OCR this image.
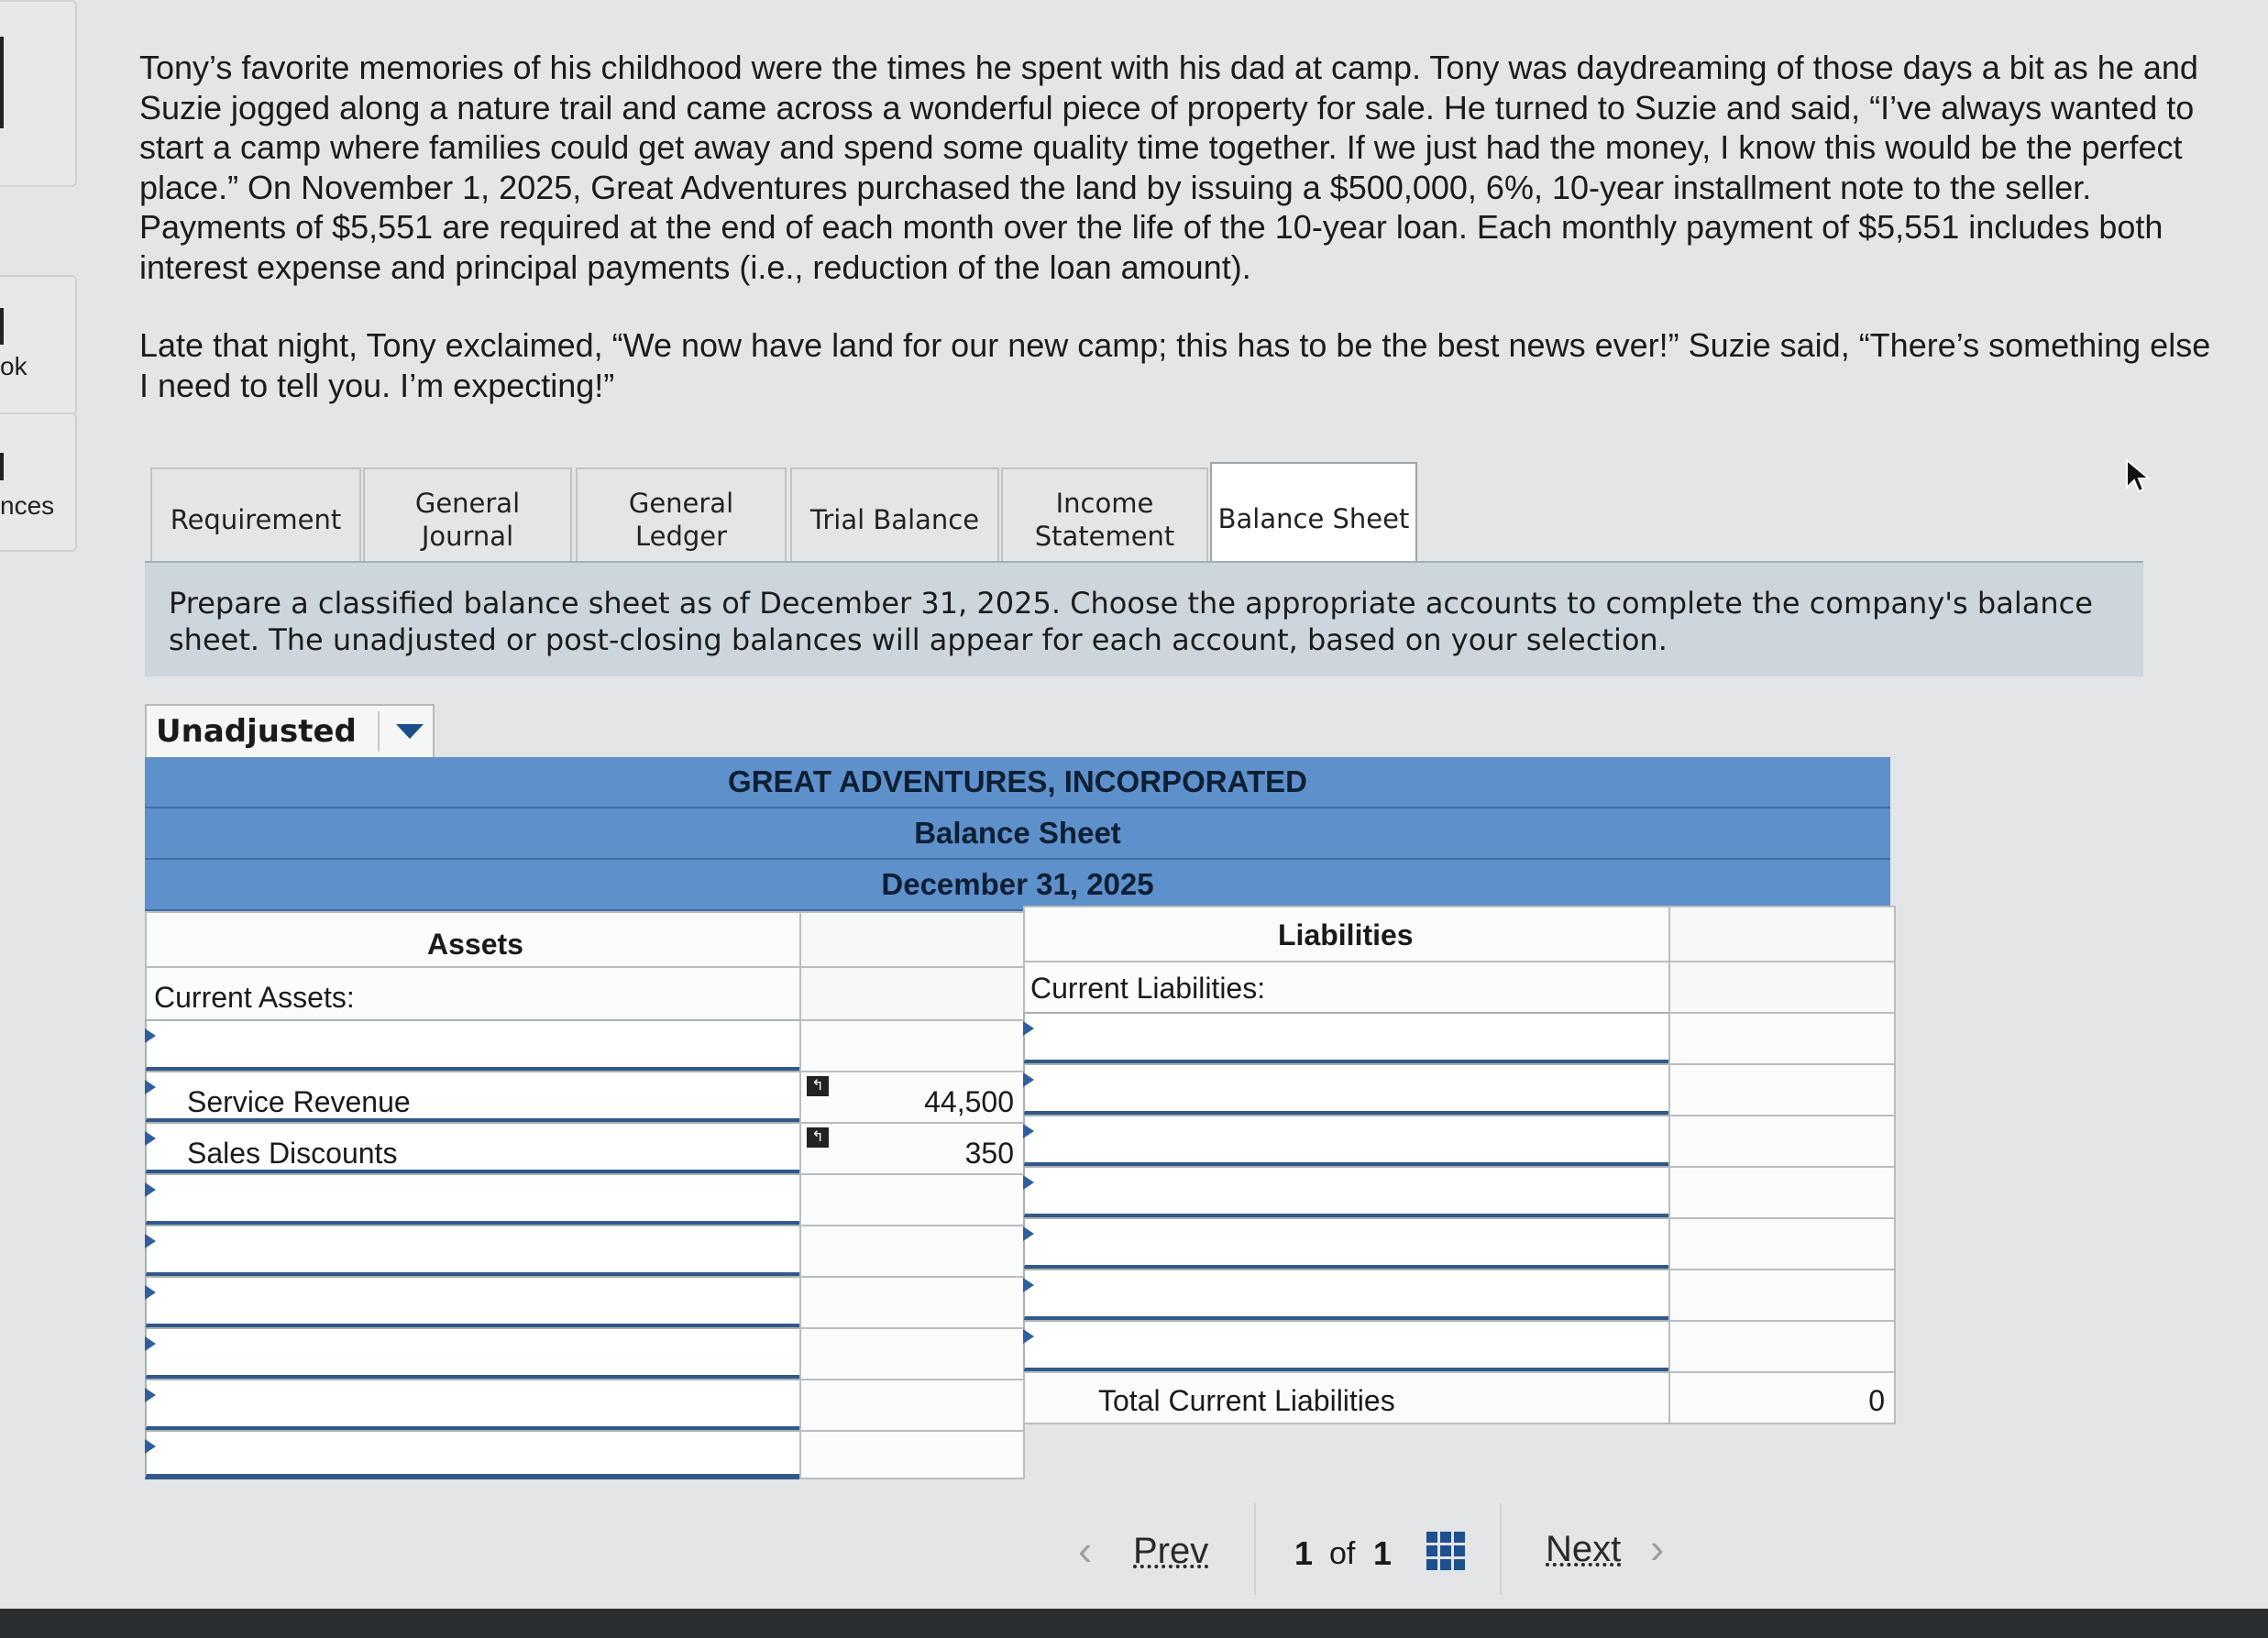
ok
nces

Tony’s favorite memories of his childhood were the times he spent with his dad at camp. Tony was daydreaming of those days a bit as he and Suzie jogged along a nature trail and came across a wonderful piece of property for sale. He turned to Suzie and said, “I’ve always wanted to start a camp where families could get away and spend some quality time together. If we just had the money, I know this would be the perfect place.” On November 1, 2025, Great Adventures purchased the land by issuing a $500,000, 6%, 10-year installment note to the seller. Payments of $5,551 are required at the end of each month over the life of the 10-year loan. Each monthly payment of $5,551 includes both interest expense and principal payments (i.e., reduction of the loan amount).

Late that night, Tony exclaimed, “We now have land for our new camp; this has to be the best news ever!” Suzie said, “There’s something else I need to tell you. I’m expecting!”

Requirement
General
Journal
General
Ledger
Trial Balance
Income
Statement
Balance Sheet
Prepare a classified balance sheet as of December 31, 2025. Choose the appropriate accounts to complete the company's balance sheet. The unadjusted or post-closing balances will appear for each account, based on your selection.
Unadjusted
GREAT ADVENTURES, INCORPORATED
Balance Sheet
December 31, 2025
Assets	Liabilities
Current Assets:	Current Liabilities:
Service Revenue	↰	44,500
Sales Discounts	↰	350
Total Current Liabilities	0
‹ Prev	1 of 1	Next ›
